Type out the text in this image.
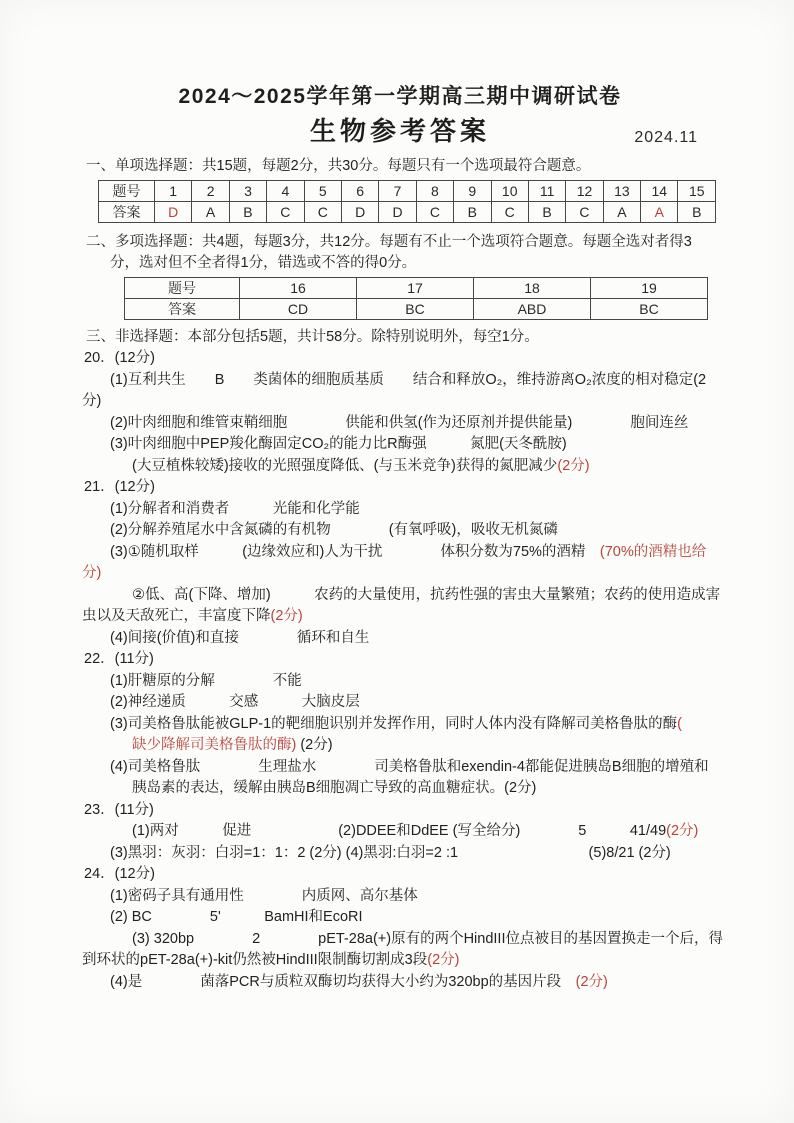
2024～2025学年第一学期高三期中调研试卷
生物参考答案	2024.11
一、单项选择题：共15题，每题2分，共30分。每题只有一个选项最符合题意。
题号	1	2	3	4	5	6	7	8	9	10	11	12	13	14	15
答案	D	A	B	C	C	D	D	C	B	C	B	C	A	A	B
二、多项选择题：共4题，每题3分，共12分。每题有不止一个选项符合题意。每题全选对者得3
分，选对但不全者得1分，错选或不答的得0分。
题号	16	17	18	19
答案	CD	BC	ABD	BC
三、非选择题：本部分包括5题，共计58分。除特别说明外，每空1分。
20．(12分)
(1)互利共生　　B　　类菌体的细胞质基质　　结合和释放O₂，维持游离O₂浓度的相对稳定(2
分)
(2)叶肉细胞和维管束鞘细胞　　　　供能和供氢(作为还原剂并提供能量)　　　　胞间连丝
(3)叶肉细胞中PEP羧化酶固定CO₂的能力比R酶强　　　氮肥(天冬酰胺)
(大豆植株较矮)接收的光照强度降低、(与玉米竞争)获得的氮肥减少(2分)
21．(12分)
(1)分解者和消费者　　　光能和化学能
(2)分解养殖尾水中含氮磷的有机物　　　　(有氧呼吸)，吸收无机氮磷
(3)①随机取样　　　(边缘效应和)人为干扰　　　　体积分数为75%的酒精　(70%的酒精也给
分)
②低、高(下降、增加)　　　农药的大量使用，抗药性强的害虫大量繁殖；农药的使用造成害
虫以及天敌死亡，丰富度下降(2分)
(4)间接(价值)和直接　　　　循环和自生
22．(11分)
(1)肝糖原的分解　　　　不能
(2)神经递质　　　交感　　　大脑皮层
(3)司美格鲁肽能被GLP-1的靶细胞识别并发挥作用，同时人体内没有降解司美格鲁肽的酶(
缺少降解司美格鲁肽的酶) (2分)
(4)司美格鲁肽　　　　生理盐水　　　　司美格鲁肽和exendin-4都能促进胰岛B细胞的增殖和
胰岛素的表达，缓解由胰岛B细胞凋亡导致的高血糖症状。(2分)
23．(11分)
(1)两对　　　促进　　　　　　(2)DDEE和DdEE (写全给分)　　　　5　　　41/49(2分)
(3)黑羽：灰羽：白羽=1：1：2 (2分) (4)黑羽:白羽=2 :1　　　　　　　　　(5)8/21 (2分)
24．(12分)
(1)密码子具有通用性　　　　内质网、高尔基体
(2) BC　　　　5'　　　BamHI和EcoRI
(3) 320bp　　　　2　　　　pET-28a(+)原有的两个HindIII位点被目的基因置换走一个后，得
到环状的pET-28a(+)-kit仍然被HindIII限制酶切割成3段(2分)
(4)是　　　　菌落PCR与质粒双酶切均获得大小约为320bp的基因片段　(2分)
